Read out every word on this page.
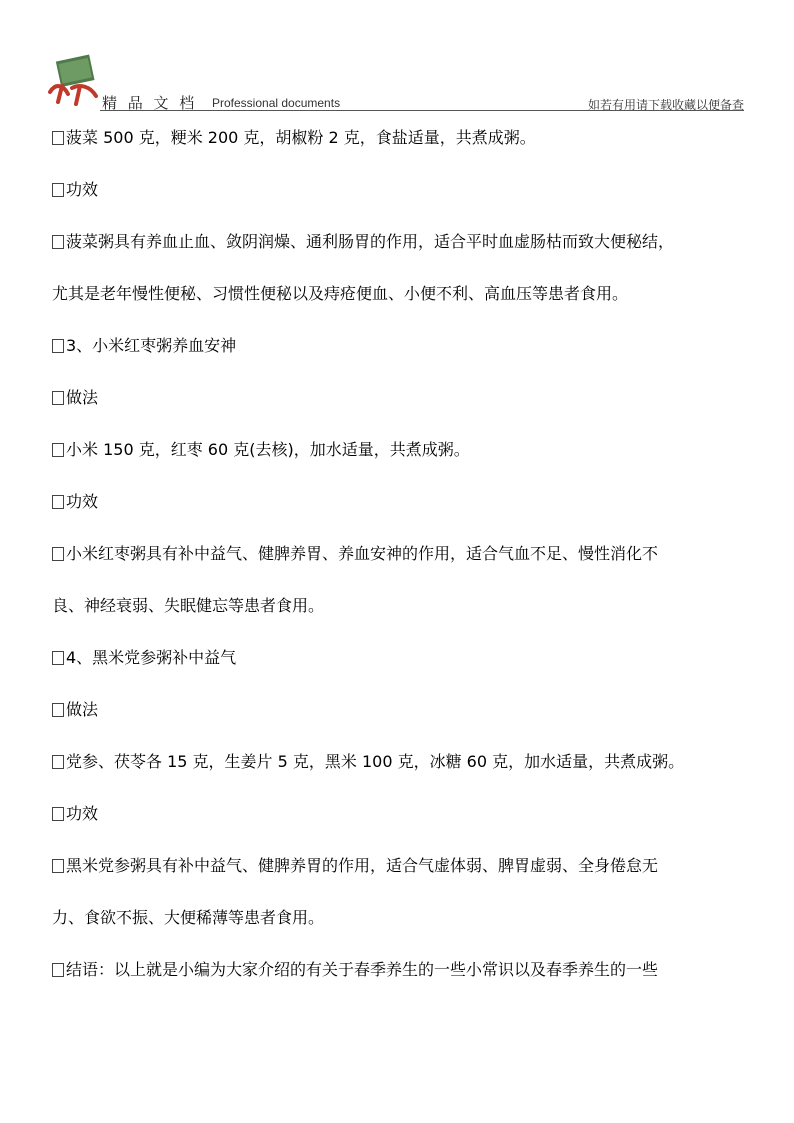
精 品 文 档 Professional documents	如若有用请下载收藏以便备查
菠菜 500 克，粳米 200 克，胡椒粉 2 克，食盐适量，共煮成粥。
功效
菠菜粥具有养血止血、敛阴润燥、通利肠胃的作用，适合平时血虚肠枯而致大便秘结，
尤其是老年慢性便秘、习惯性便秘以及痔疮便血、小便不利、高血压等患者食用。
3、小米红枣粥养血安神
做法
小米 150 克，红枣 60 克(去核)，加水适量，共煮成粥。
功效
小米红枣粥具有补中益气、健脾养胃、养血安神的作用，适合气血不足、慢性消化不
良、神经衰弱、失眠健忘等患者食用。
4、黑米党参粥补中益气
做法
党参、茯苓各 15 克，生姜片 5 克，黑米 100 克，冰糖 60 克，加水适量，共煮成粥。
功效
黑米党参粥具有补中益气、健脾养胃的作用，适合气虚体弱、脾胃虚弱、全身倦怠无
力、食欲不振、大便稀薄等患者食用。
结语：以上就是小编为大家介绍的有关于春季养生的一些小常识以及春季养生的一些
